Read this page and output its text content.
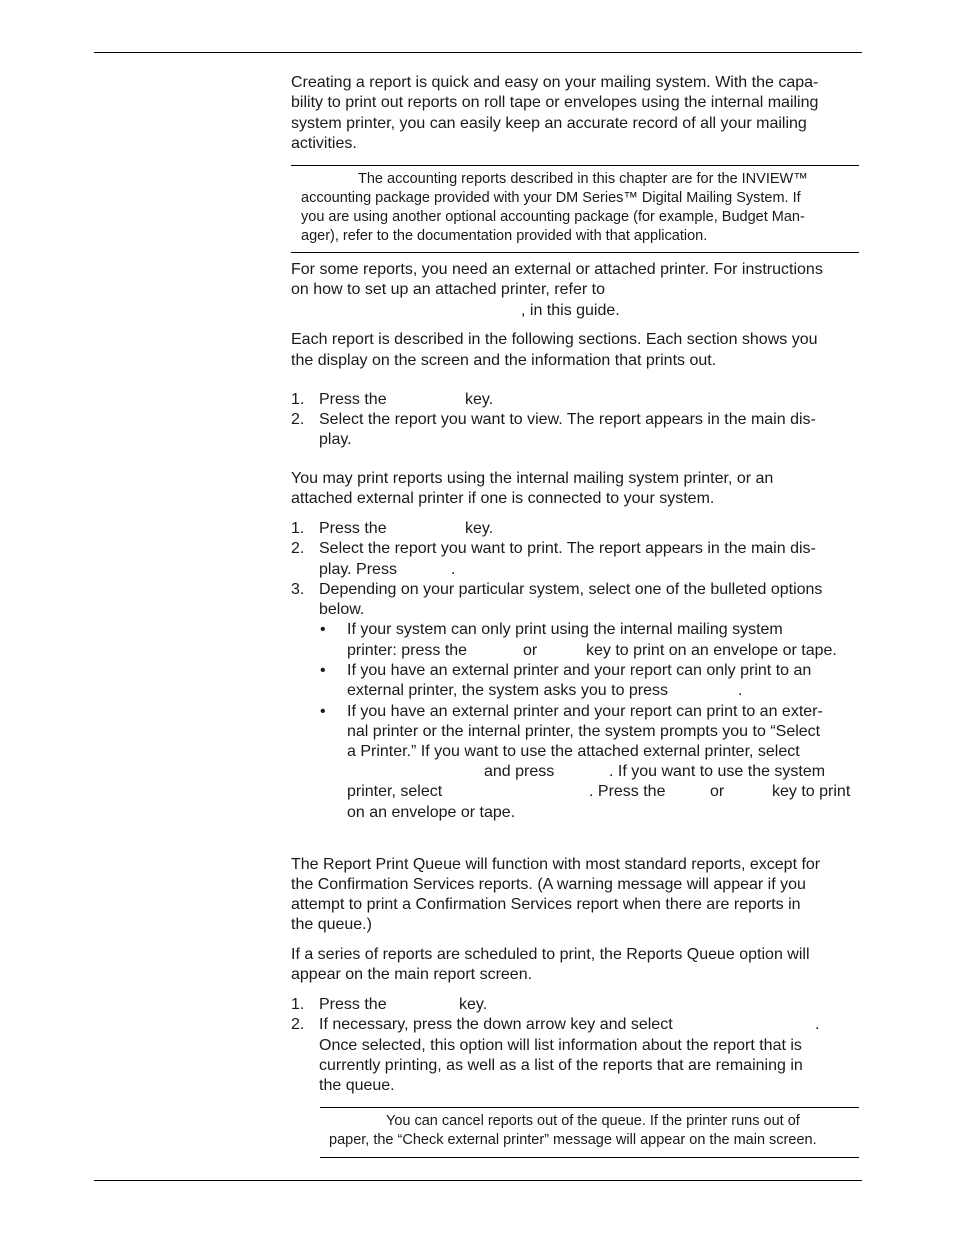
Creating a report is quick and easy on your mailing system. With the capa-
bility to print out reports on roll tape or envelopes using the internal mailing
system printer, you can easily keep an accurate record of all your mailing
activities.
The accounting reports described in this chapter are for the INVIEW™
accounting package provided with your DM Series™ Digital Mailing System. If
you are using another optional accounting package (for example, Budget Man-
ager), refer to the documentation provided with that application.
For some reports, you need an external or attached printer. For instructions
on how to set up an attached printer, refer to
, in this guide.
Each report is described in the following sections. Each section shows you
the display on the screen and the information that prints out.
1. Press the	key.
2. Select the report you want to view. The report appears in the main dis-
play.
You may print reports using the internal mailing system printer, or an
attached external printer if one is connected to your system.
1. Press the	key.
2. Select the report you want to print. The report appears in the main dis-
play. Press	.
3. Depending on your particular system, select one of the bulleted options
below.
• If your system can only print using the internal mailing system
printer: press the	or	key to print on an envelope or tape.
• If you have an external printer and your report can only print to an
external printer, the system asks you to press	.
• If you have an external printer and your report can print to an exter-
nal printer or the internal printer, the system prompts you to “Select
a Printer.” If you want to use the attached external printer, select
and press	. If you want to use the system
printer, select	. Press the	or	key to print
on an envelope or tape.
The Report Print Queue will function with most standard reports, except for
the Confirmation Services reports. (A warning message will appear if you
attempt to print a Confirmation Services report when there are reports in
the queue.)
If a series of reports are scheduled to print, the Reports Queue option will
appear on the main report screen.
1. Press the	key.
2. If necessary, press the down arrow key and select	.
Once selected, this option will list information about the report that is
currently printing, as well as a list of the reports that are remaining in
the queue.
You can cancel reports out of the queue. If the printer runs out of
paper, the “Check external printer” message will appear on the main screen.
